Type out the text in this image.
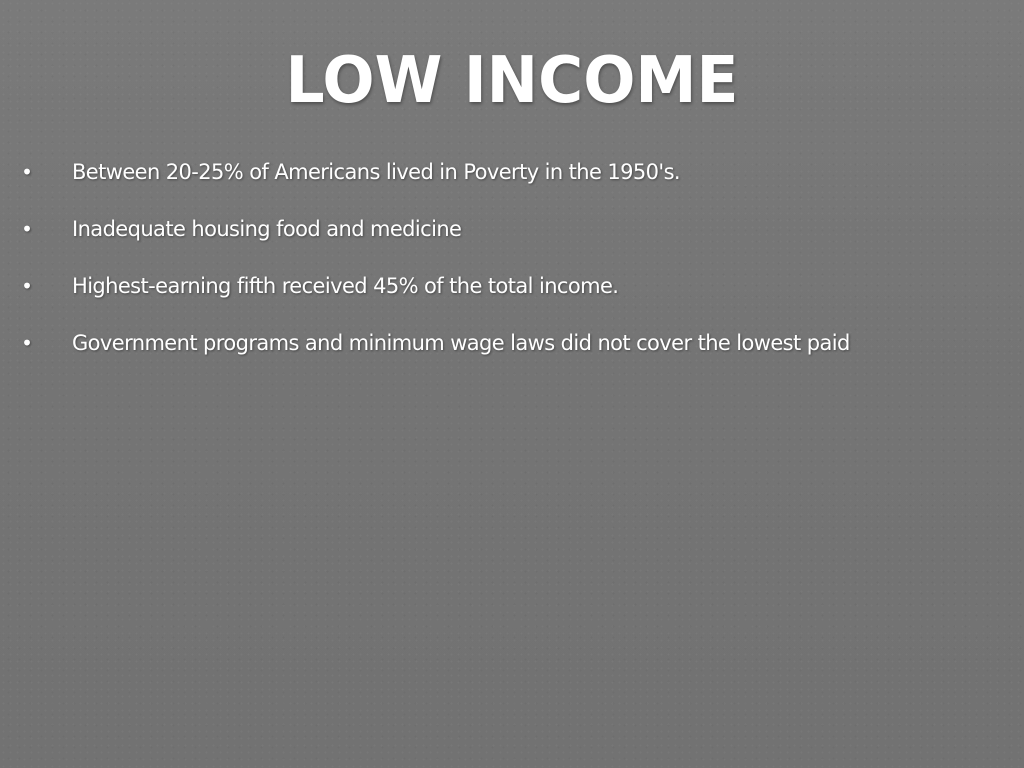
LOW INCOME
• Between 20-25% of Americans lived in Poverty in the 1950's.
• Inadequate housing food and medicine
• Highest-earning fifth received 45% of the total income.
• Government programs and minimum wage laws did not cover the lowest paid
